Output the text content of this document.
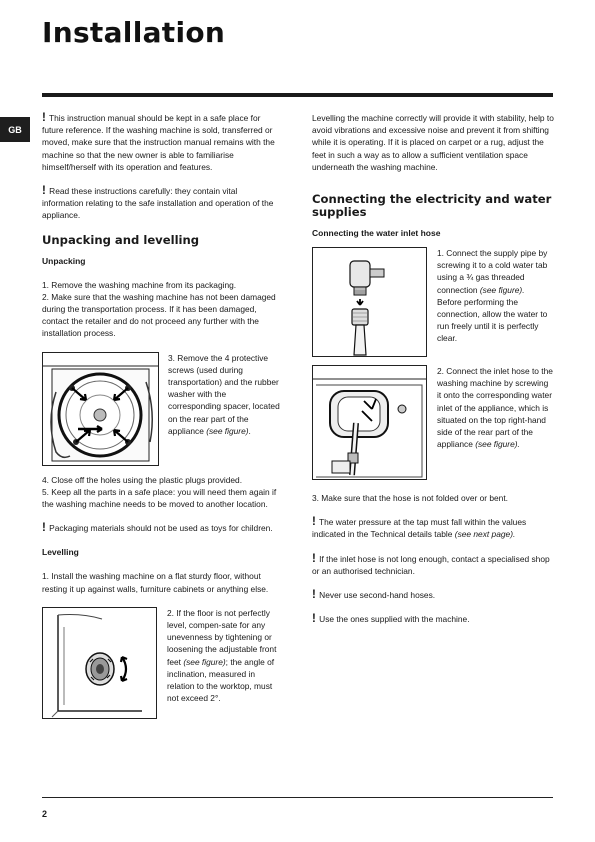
Installation
GB

! This instruction manual should be kept in a safe place for future reference. If the washing machine is sold, transferred or moved, make sure that the instruction manual remains with the machine so that the new owner is able to familiarise himself/herself with its operation and features.

! Read these instructions carefully: they contain vital information relating to the safe installation and operation of the appliance.

Unpacking and levelling
Unpacking

1. Remove the washing machine from its packaging.

2. Make sure that the washing machine has not been damaged during the transportation process. If it has been damaged, contact the retailer and do not proceed any further with the installation process.

3. Remove the 4 protective screws (used during transportation) and the rubber washer with the corresponding spacer, located on the rear part of the appliance (see figure).

4. Close off the holes using the plastic plugs provided.

5. Keep all the parts in a safe place: you will need them again if the washing machine needs to be moved to another location.

! Packaging materials should not be used as toys for children.

Levelling

1. Install the washing machine on a flat sturdy floor, without resting it up against walls, furniture cabinets or anything else.

2. If the floor is not perfectly level, compen-sate for any unevenness by tightening or loosening the adjustable front feet (see figure); the angle of inclination, measured in relation to the worktop, must not exceed 2°.

Levelling the machine correctly will provide it with stability, help to avoid vibrations and excessive noise and prevent it from shifting while it is operating. If it is placed on carpet or a rug, adjust the feet in such a way as to allow a sufficient ventilation space underneath the washing machine.

Connecting the electricity and water supplies
Connecting the water inlet hose

1. Connect the supply pipe by screwing it to a cold water tab using a ¾ gas threaded connection (see figure).

Before performing the connection, allow the water to run freely until it is perfectly clear.

2. Connect the inlet hose to the washing machine by screwing it onto the corresponding water inlet of the appliance, which is situated on the top right-hand side of the rear part of the appliance (see figure).

3. Make sure that the hose is not folded over or bent.

! The water pressure at the tap must fall within the values indicated in the Technical details table (see next page).

! If the inlet hose is not long enough, contact a specialised shop or an authorised technician.

! Never use second-hand hoses.

! Use the ones supplied with the machine.

2
